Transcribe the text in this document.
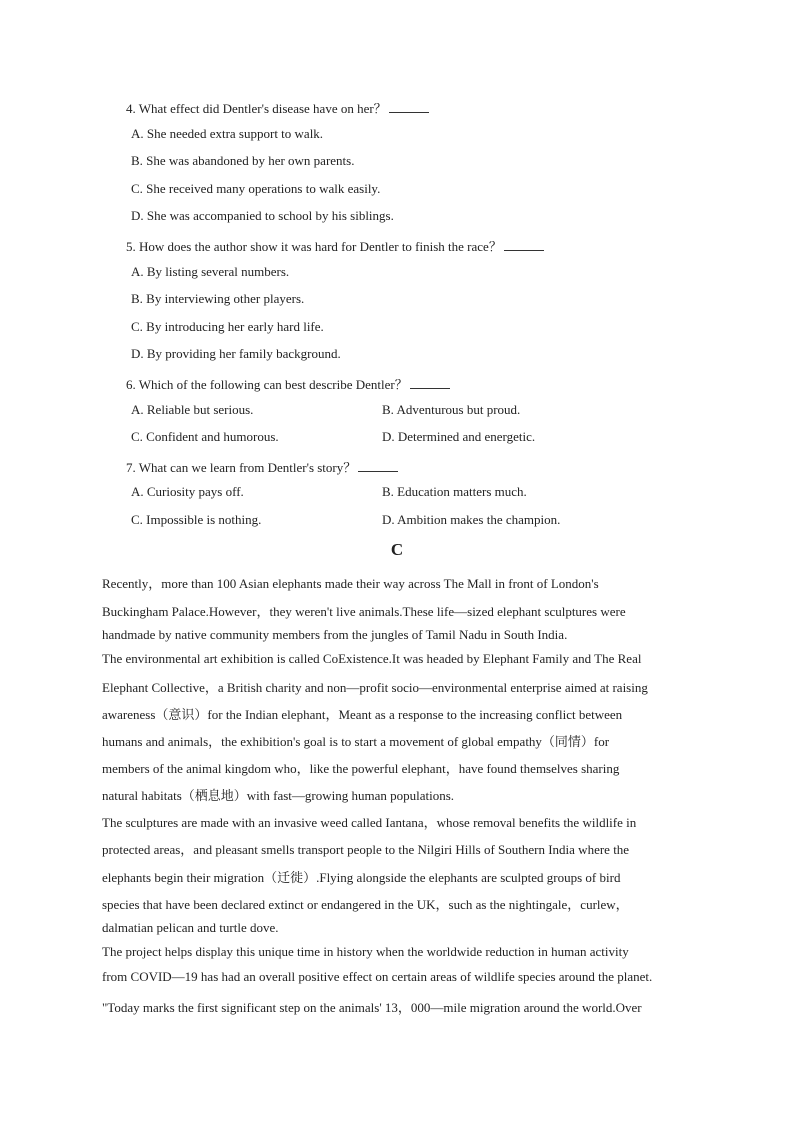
4. What effect did Dentler's disease have on her？
A. She needed extra support to walk.
B. She was abandoned by her own parents.
C. She received many operations to walk easily.
D. She was accompanied to school by his siblings.
5. How does the author show it was hard for Dentler to finish the race？
A. By listing several numbers.
B. By interviewing other players.
C. By introducing her early hard life.
D. By providing her family background.
6. Which of the following can best describe Dentler？
A. Reliable but serious.	B. Adventurous but proud.
C. Confident and humorous.	D. Determined and energetic.
7. What can we learn from Dentler's story？
A. Curiosity pays off.	B. Education matters much.
C. Impossible is nothing.	D. Ambition makes the champion.
C
Recently，more than 100 Asian elephants made their way across The Mall in front of London's
Buckingham Palace.However，they weren't live animals.These life—sized elephant sculptures were
handmade by native community members from the jungles of Tamil Nadu in South India.
The environmental art exhibition is called CoExistence.It was headed by Elephant Family and The Real
Elephant Collective，a British charity and non—profit socio—environmental enterprise aimed at raising
awareness（意识）for the Indian elephant，Meant as a response to the increasing conflict between
humans and animals，the exhibition's goal is to start a movement of global empathy（同情）for
members of the animal kingdom who，like the powerful elephant，have found themselves sharing
natural habitats（栖息地）with fast—growing human populations.
The sculptures are made with an invasive weed called Iantana，whose removal benefits the wildlife in
protected areas，and pleasant smells transport people to the Nilgiri Hills of Southern India where the
elephants begin their migration（迁徙）.Flying alongside the elephants are sculpted groups of bird
species that have been declared extinct or endangered in the UK，such as the nightingale，curlew，
dalmatian pelican and turtle dove.
The project helps display this unique time in history when the worldwide reduction in human activity
from COVID—19 has had an overall positive effect on certain areas of wildlife species around the planet.
"Today marks the first significant step on the animals' 13，000—mile migration around the world.Over
